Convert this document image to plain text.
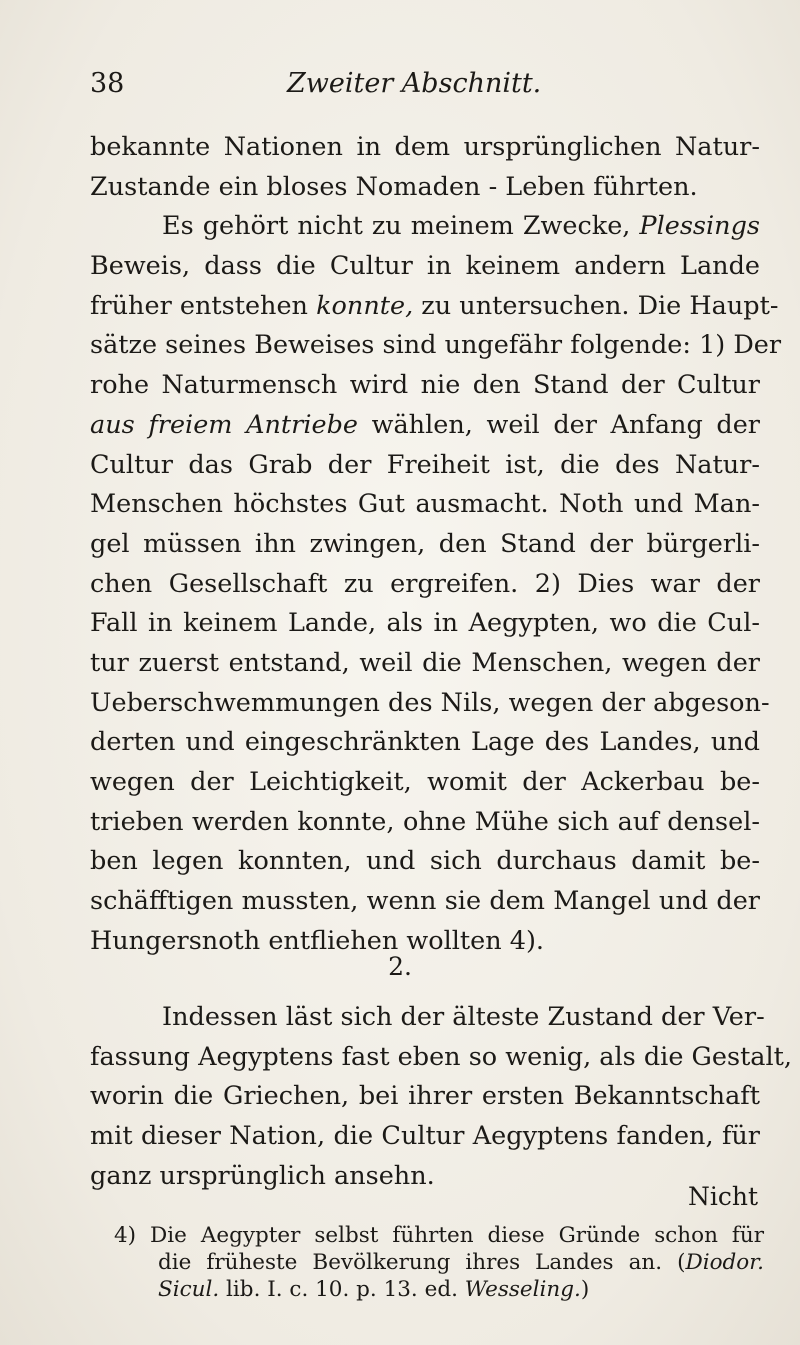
38	Zweiter Abschnitt.
bekannte Nationen in dem ursprünglichen Natur-
Zustande ein bloses Nomaden - Leben führten.
Es gehört nicht zu meinem Zwecke, Plessings
Beweis, dass die Cultur in keinem andern Lande
früher entstehen konnte, zu untersuchen. Die Haupt-
sätze seines Beweises sind ungefähr folgende: 1) Der
rohe Naturmensch wird nie den Stand der Cultur
aus freiem Antriebe wählen, weil der Anfang der
Cultur das Grab der Freiheit ist, die des Natur-
Menschen höchstes Gut ausmacht. Noth und Man-
gel müssen ihn zwingen, den Stand der bürgerli-
chen Gesellschaft zu ergreifen. 2) Dies war der
Fall in keinem Lande, als in Aegypten, wo die Cul-
tur zuerst entstand, weil die Menschen, wegen der
Ueberschwemmungen des Nils, wegen der abgeson-
derten und eingeschränkten Lage des Landes, und
wegen der Leichtigkeit, womit der Ackerbau be-
trieben werden konnte, ohne Mühe sich auf densel-
ben legen konnten, und sich durchaus damit be-
schäfftigen mussten, wenn sie dem Mangel und der
Hungersnoth entfliehen wollten 4).
2.
Indessen läst sich der älteste Zustand der Ver-
fassung Aegyptens fast eben so wenig, als die Gestalt,
worin die Griechen, bei ihrer ersten Bekanntschaft
mit dieser Nation, die Cultur Aegyptens fanden, für
ganz ursprünglich ansehn.
Nicht
4) Die Aegypter selbst führten diese Gründe schon für
die früheste Bevölkerung ihres Landes an. (Diodor.
Sicul. lib. I. c. 10. p. 13. ed. Wesseling.)
